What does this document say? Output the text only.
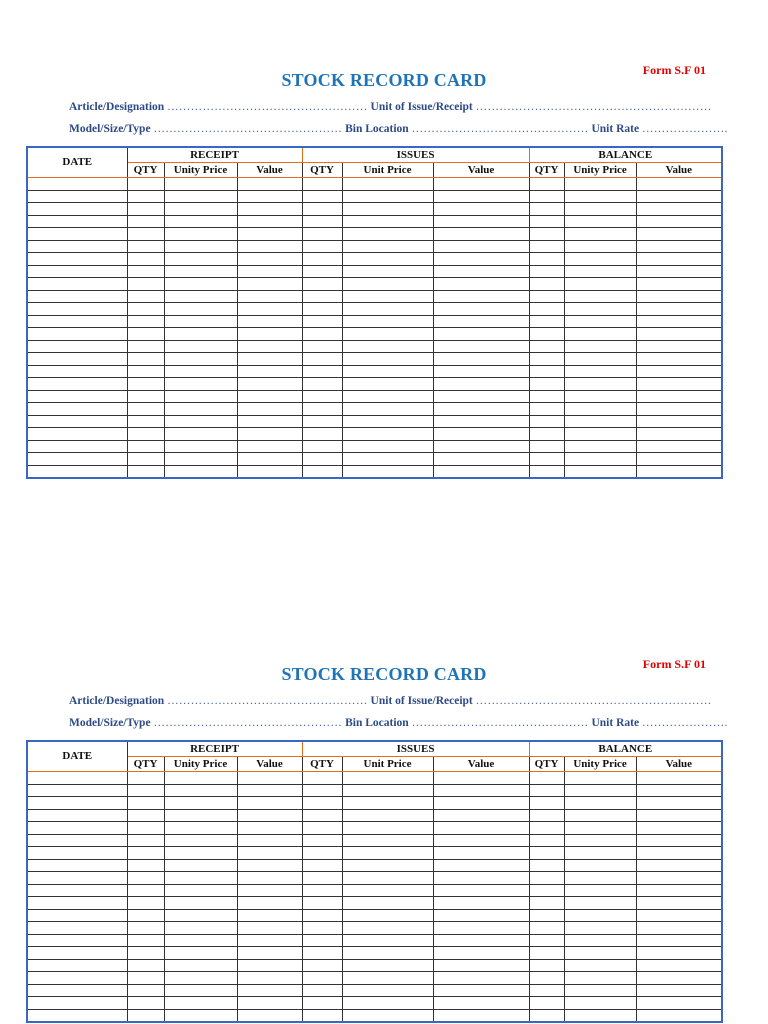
Form S.F 01
STOCK RECORD CARD
Article/Designation …………………………………………… Unit of Issue/Receipt ……………………………………………………
Model/Size/Type ………………………………………… Bin Location ……………………………………… Unit Rate ………………….
DATE	RECEIPT			ISSUES			BALANCE		
	QTY	Unity Price	Value	QTY	Unit Price	Value	QTY	Unity Price	Value

Form S.F 01
STOCK RECORD CARD
Article/Designation …………………………………………… Unit of Issue/Receipt ……………………………………………………
Model/Size/Type ………………………………………… Bin Location ……………………………………… Unit Rate ………………….
DATE	RECEIPT			ISSUES			BALANCE		
	QTY	Unity Price	Value	QTY	Unit Price	Value	QTY	Unity Price	Value
